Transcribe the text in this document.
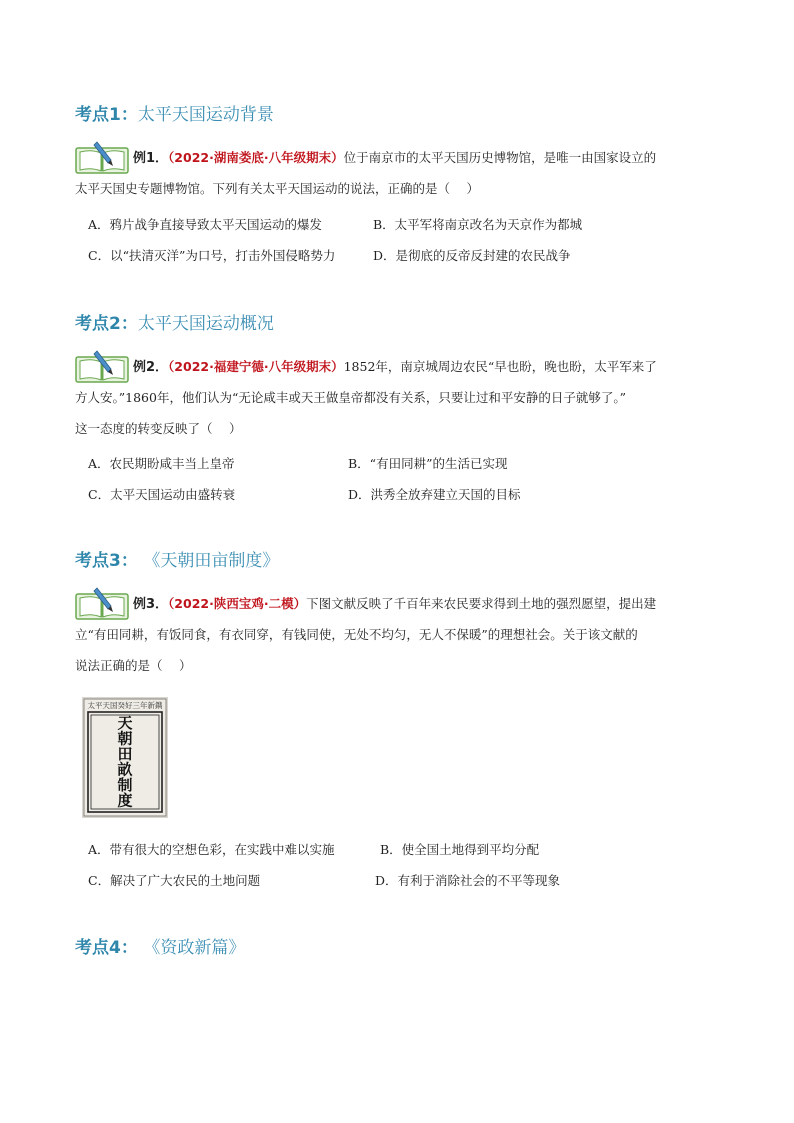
考点1：太平天国运动背景
例1．（2022·湖南娄底·八年级期末）位于南京市的太平天国历史博物馆，是唯一由国家设立的
太平天国史专题博物馆。下列有关太平天国运动的说法，正确的是（　 ）
A．鸦片战争直接导致太平天国运动的爆发	B．太平军将南京改名为天京作为都城
C．以“扶清灭洋”为口号，打击外国侵略势力	D．是彻底的反帝反封建的农民战争
考点2：太平天国运动概况
例2．（2022·福建宁德·八年级期末）1852年，南京城周边农民“早也盼，晚也盼，太平军来了
方人安。”1860年，他们认为“无论咸丰或天王做皇帝都没有关系，只要让过和平安静的日子就够了。”
这一态度的转变反映了（　 ）
A．农民期盼咸丰当上皇帝	B．“有田同耕”的生活已实现
C．太平天国运动由盛转衰	D．洪秀全放弃建立天国的目标
考点3： 《天朝田亩制度》
例3．（2022·陕西宝鸡·二模）下图文献反映了千百年来农民要求得到土地的强烈愿望，提出建
立“有田同耕，有饭同食，有衣同穿，有钱同使，无处不均匀，无人不保暖”的理想社会。关于该文献的
说法正确的是（　 ）
太平天国癸好三年新鐫
天
朝
田
畝
制
度
A．带有很大的空想色彩，在实践中难以实施	B．使全国土地得到平均分配
C．解决了广大农民的土地问题	D．有利于消除社会的不平等现象
考点4： 《资政新篇》
